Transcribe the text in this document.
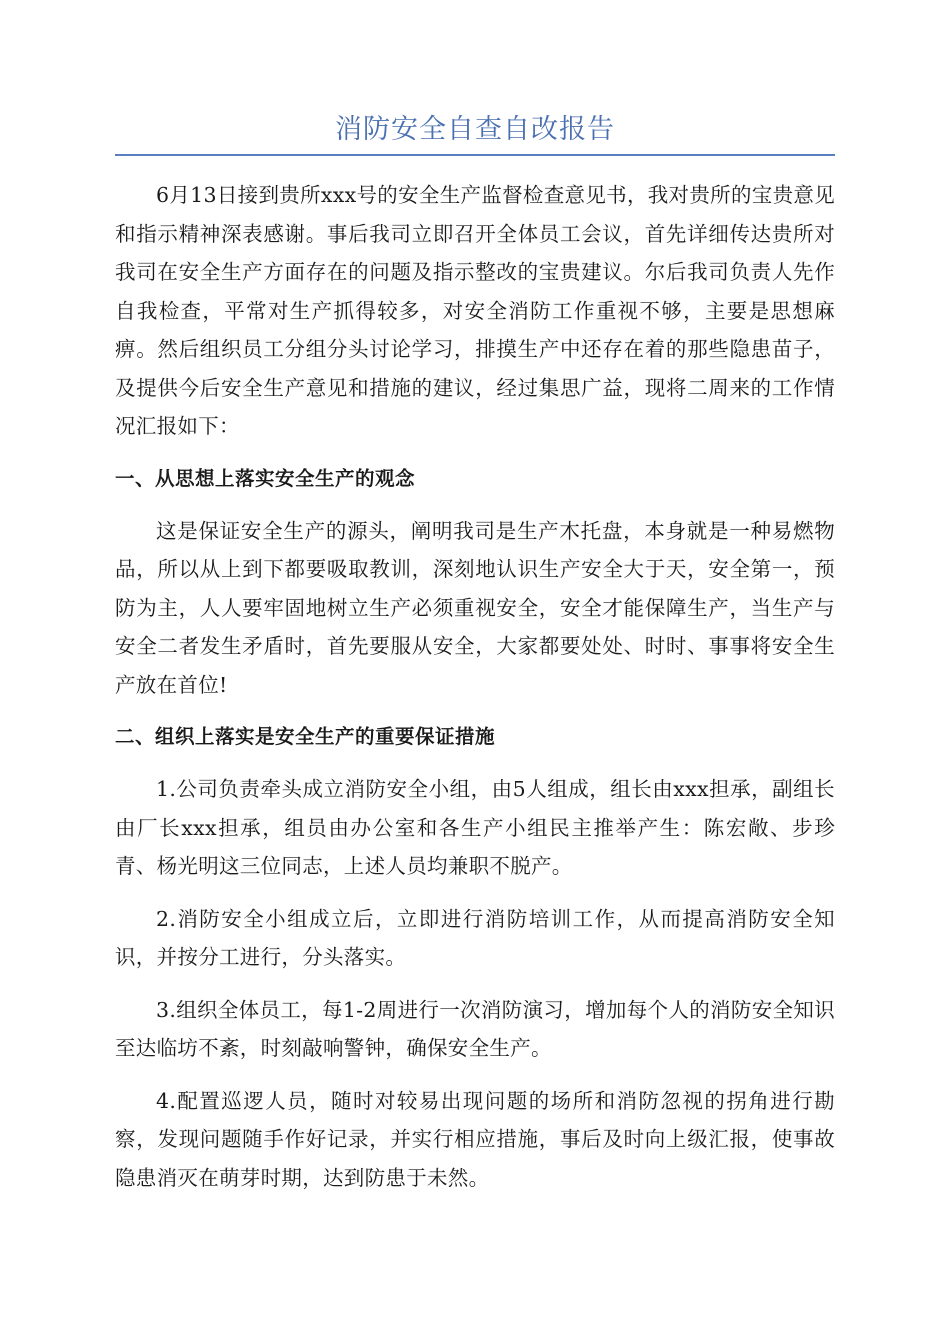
消防安全自查自改报告

6月13日接到贵所xxx号的安全生产监督检查意见书，我对贵所的宝贵意见和指示精神深表感谢。事后我司立即召开全体员工会议，首先详细传达贵所对我司在安全生产方面存在的问题及指示整改的宝贵建议。尔后我司负责人先作自我检查，平常对生产抓得较多，对安全消防工作重视不够，主要是思想麻痹。然后组织员工分组分头讨论学习，排摸生产中还存在着的那些隐患苗子，及提供今后安全生产意见和措施的建议，经过集思广益，现将二周来的工作情况汇报如下：

一、从思想上落实安全生产的观念

这是保证安全生产的源头，阐明我司是生产木托盘，本身就是一种易燃物品，所以从上到下都要吸取教训，深刻地认识生产安全大于天，安全第一，预防为主，人人要牢固地树立生产必须重视安全，安全才能保障生产，当生产与安全二者发生矛盾时，首先要服从安全，大家都要处处、时时、事事将安全生产放在首位!

二、组织上落实是安全生产的重要保证措施

1.公司负责牵头成立消防安全小组，由5人组成，组长由xxx担承，副组长由厂长xxx担承，组员由办公室和各生产小组民主推举产生：陈宏敞、步珍青、杨光明这三位同志，上述人员均兼职不脱产。

2.消防安全小组成立后，立即进行消防培训工作，从而提高消防安全知识，并按分工进行，分头落实。

3.组织全体员工，每1-2周进行一次消防演习，增加每个人的消防安全知识至达临坊不紊，时刻敲响警钟，确保安全生产。

4.配置巡逻人员，随时对较易出现问题的场所和消防忽视的拐角进行勘察，发现问题随手作好记录，并实行相应措施，事后及时向上级汇报，使事故隐患消灭在萌芽时期，达到防患于未然。
